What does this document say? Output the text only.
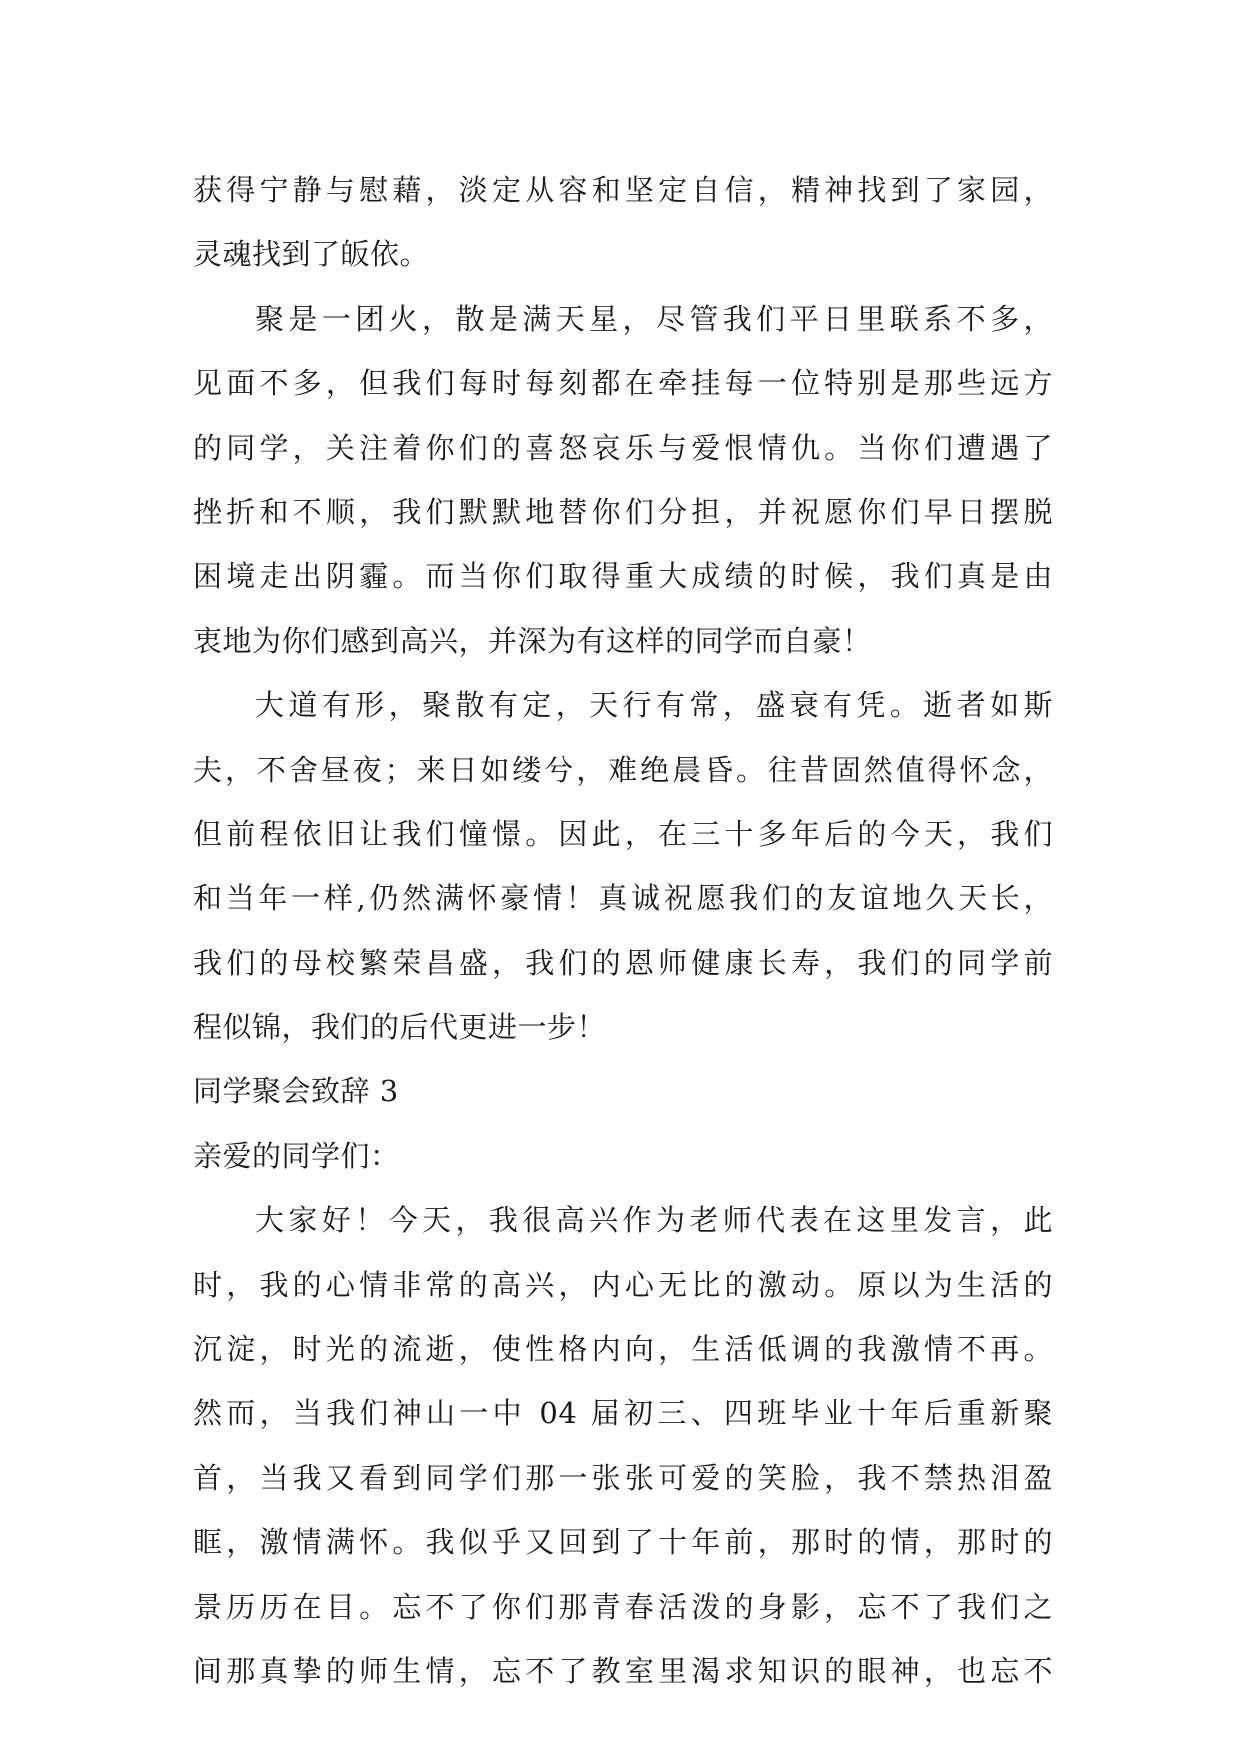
获得宁静与慰藉，淡定从容和坚定自信，精神找到了家园，
灵魂找到了皈依。
聚是一团火，散是满天星，尽管我们平日里联系不多，
见面不多，但我们每时每刻都在牵挂每一位特别是那些远方
的同学，关注着你们的喜怒哀乐与爱恨情仇。当你们遭遇了
挫折和不顺，我们默默地替你们分担，并祝愿你们早日摆脱
困境走出阴霾。而当你们取得重大成绩的时候，我们真是由
衷地为你们感到高兴，并深为有这样的同学而自豪！
大道有形，聚散有定，天行有常，盛衰有凭。逝者如斯
夫，不舍昼夜；来日如缕兮，难绝晨昏。往昔固然值得怀念，
但前程依旧让我们憧憬。因此，在三十多年后的今天，我们
和当年一样,仍然满怀豪情！真诚祝愿我们的友谊地久天长，
我们的母校繁荣昌盛，我们的恩师健康长寿，我们的同学前
程似锦，我们的后代更进一步！
同学聚会致辞 3
亲爱的同学们：
大家好！今天，我很高兴作为老师代表在这里发言，此
时，我的心情非常的高兴，内心无比的激动。原以为生活的
沉淀，时光的流逝，使性格内向，生活低调的我激情不再。
然而，当我们神山一中 04 届初三、四班毕业十年后重新聚
首，当我又看到同学们那一张张可爱的笑脸，我不禁热泪盈
眶，激情满怀。我似乎又回到了十年前，那时的情，那时的
景历历在目。忘不了你们那青春活泼的身影，忘不了我们之
间那真挚的师生情，忘不了教室里渴求知识的眼神，也忘不
